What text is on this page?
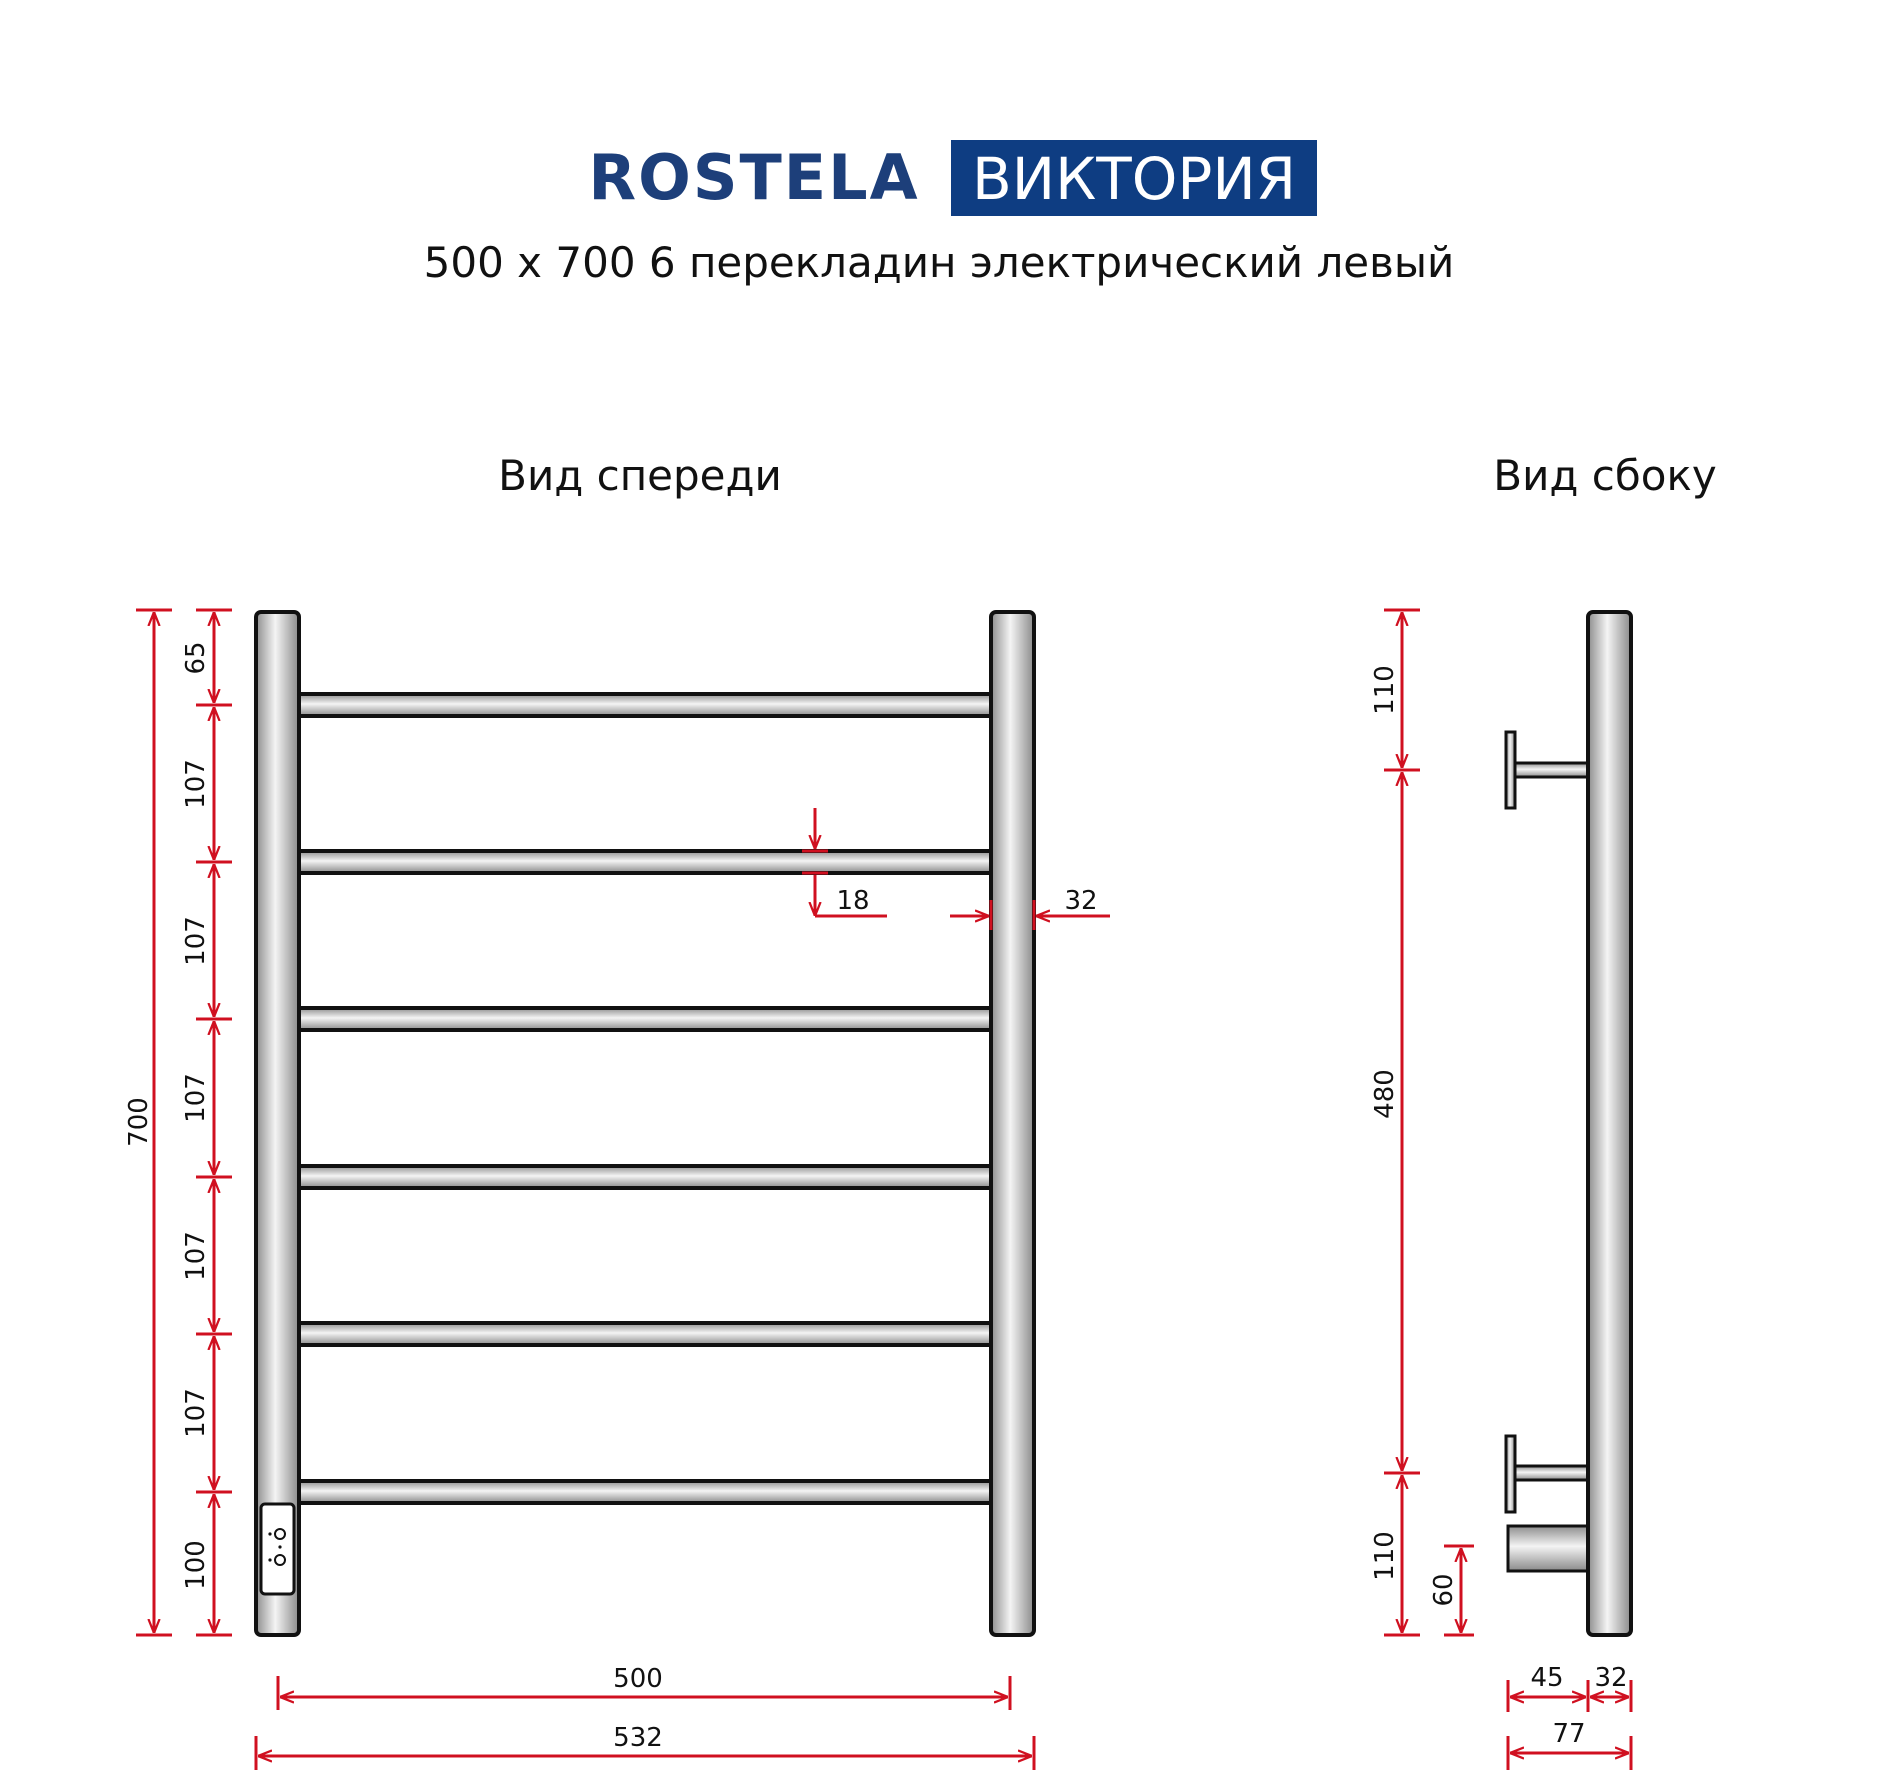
ROSTELA ВИКТОРИЯ
500 x 700 6 перекладин электрический левый
Вид спереди	Вид сбоку
700
65
107
107
107
107
107
100
18	32
500
532
110
480
110
60
45 32
77
